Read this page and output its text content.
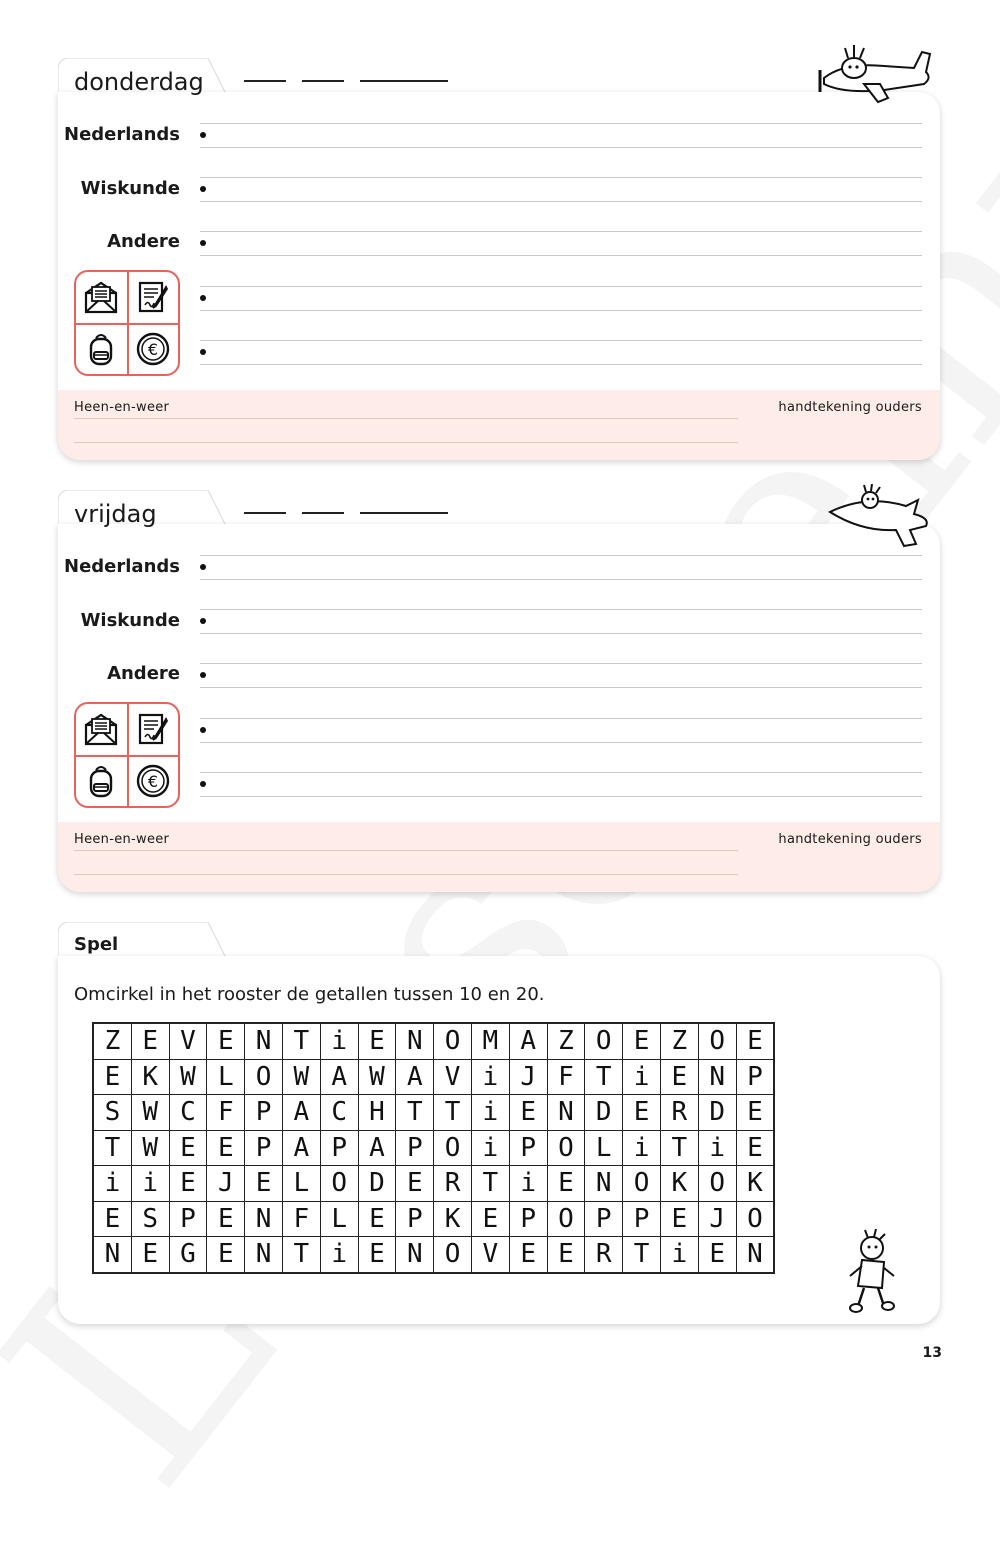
Nederlands
Wiskunde
Andere
€
Heen-en-weer	handtekening ouders
donderdag
Nederlands
Wiskunde
Andere
€
Heen-en-weer	handtekening ouders
vrijdag
Omcirkel in het rooster de getallen tussen 10 en 20.
Z	E	V	E	N	T	i	E	N	O	M	A	Z	O	E	Z	O	E
E	K	W	L	O	W	A	W	A	V	i	J	F	T	i	E	N	P
S	W	C	F	P	A	C	H	T	T	i	E	N	D	E	R	D	E
T	W	E	E	P	A	P	A	P	O	i	P	O	L	i	T	i	E
i	i	E	J	E	L	O	D	E	R	T	i	E	N	O	K	O	K
E	S	P	E	N	F	L	E	P	K	E	P	O	P	P	E	J	O
N	E	G	E	N	T	i	E	N	O	V	E	E	R	T	i	E	N
Spel
13
